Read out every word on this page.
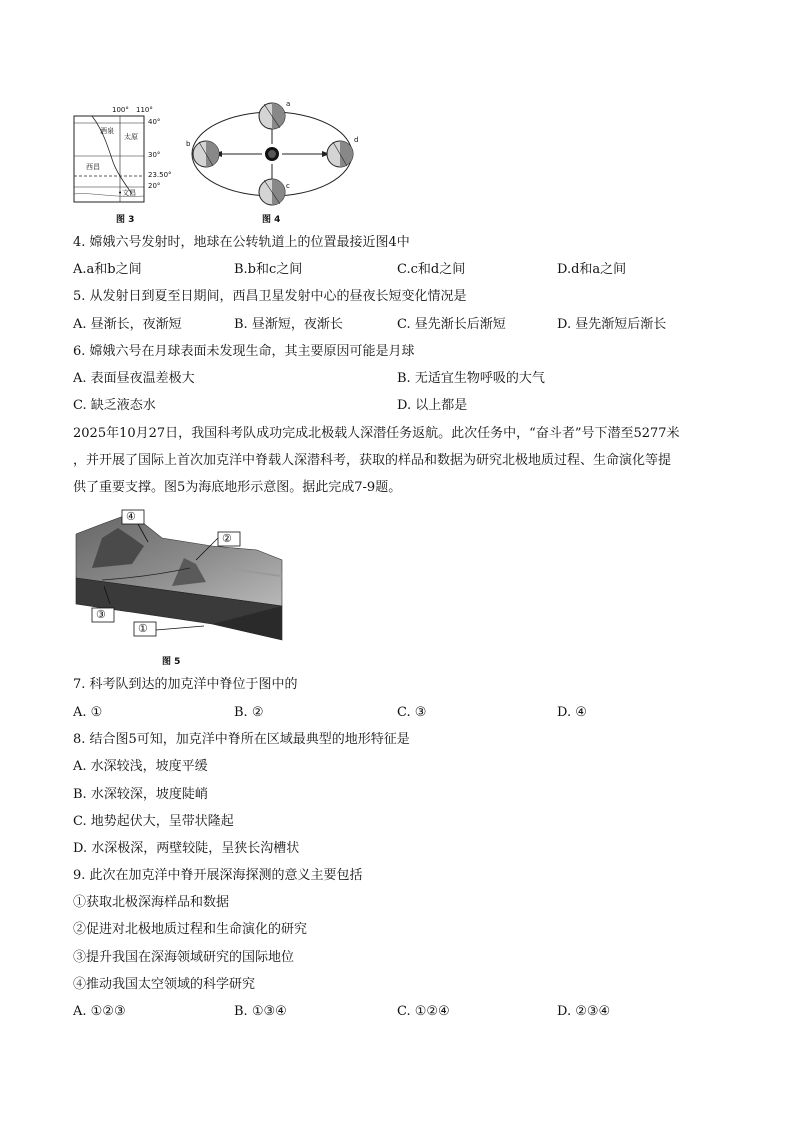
100° 110°
40°
30°
23.50°
20°
酒泉
太原
西昌
•文昌
图 3
a
b
c
d
图 4
4. 嫦娥六号发射时，地球在公转轨道上的位置最接近图4中
A.a和b之间	B.b和c之间	C.c和d之间	D.d和a之间
5. 从发射日到夏至日期间，西昌卫星发射中心的昼夜长短变化情况是
A. 昼渐长，夜渐短	B. 昼渐短，夜渐长	C. 昼先渐长后渐短	D. 昼先渐短后渐长
6. 嫦娥六号在月球表面未发现生命，其主要原因可能是月球
A. 表面昼夜温差极大	B. 无适宜生物呼吸的大气
C. 缺乏液态水	D. 以上都是
2025年10月27日，我国科考队成功完成北极载人深潜任务返航。此次任务中，“奋斗者”号下潜至5277米
，并开展了国际上首次加克洋中脊载人深潜科考，获取的样品和数据为研究北极地质过程、生命演化等提
供了重要支撑。图5为海底地形示意图。据此完成7-9题。
④
②
③
①
图 5
7. 科考队到达的加克洋中脊位于图中的
A. ①	B. ②	C. ③	D. ④
8. 结合图5可知，加克洋中脊所在区域最典型的地形特征是
A. 水深较浅，坡度平缓
B. 水深较深，坡度陡峭
C. 地势起伏大，呈带状隆起
D. 水深极深，两壁较陡，呈狭长沟槽状
9. 此次在加克洋中脊开展深海探测的意义主要包括
①获取北极深海样品和数据
②促进对北极地质过程和生命演化的研究
③提升我国在深海领域研究的国际地位
④推动我国太空领域的科学研究
A. ①②③	B. ①③④	C. ①②④	D. ②③④
